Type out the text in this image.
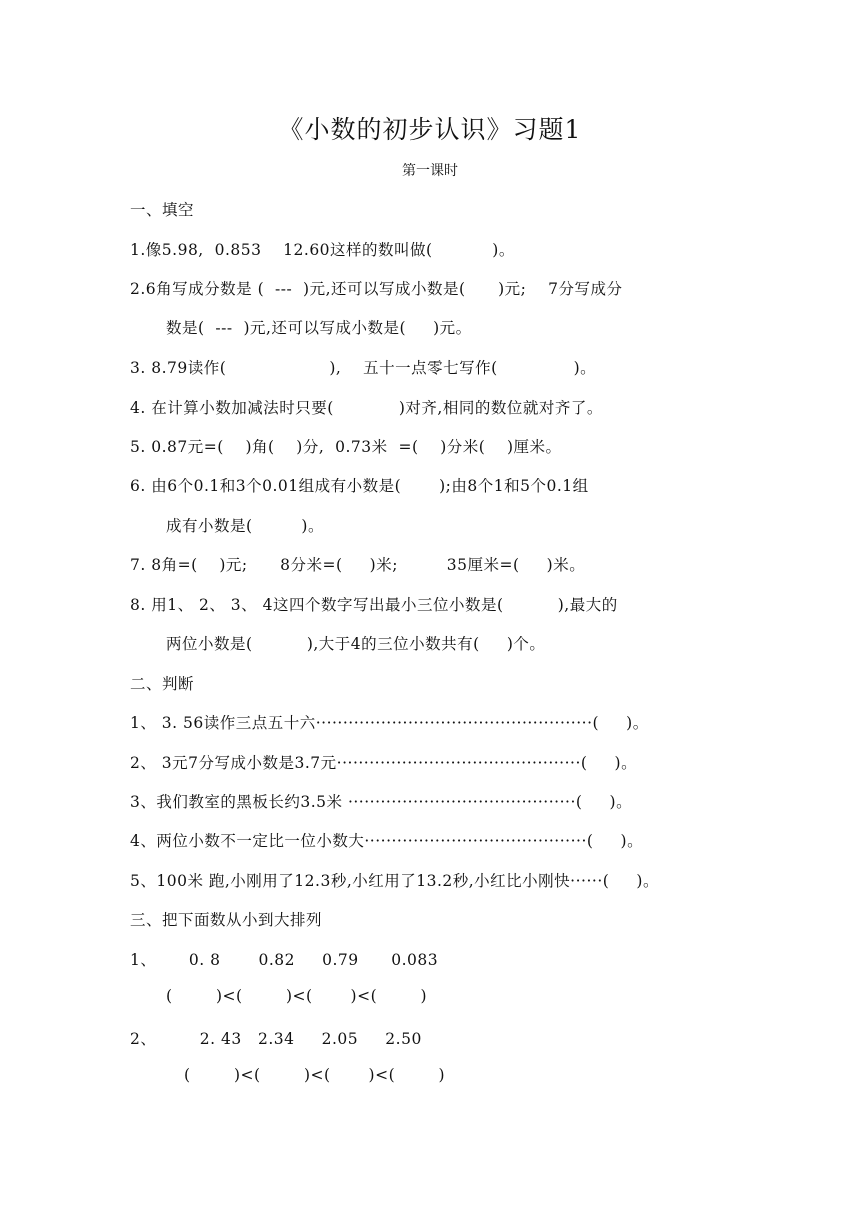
《小数的初步认识》习题1
第一课时
一、填空
1.像5.98,  0.853    12.60这样的数叫做(           )。
2.6角写成分数是 (  ---  )元,还可以写成小数是(      )元;    7分写成分
数是(  ---  )元,还可以写成小数是(     )元。
3. 8.79读作(                   ),    五十一点零七写作(              )。
4. 在计算小数加减法时只要(            )对齐,相同的数位就对齐了。
5. 0.87元=(    )角(    )分,  0.73米  =(    )分米(    )厘米。
6. 由6个0.1和3个0.01组成有小数是(       );由8个1和5个0.1组
成有小数是(         )。
7. 8角=(    )元;      8分米=(     )米;         35厘米=(     )米。
8. 用1、 2、 3、 4这四个数字写出最小三位小数是(          ),最大的
两位小数是(          ),大于4的三位小数共有(     )个。
二、判断
1、 3. 56读作三点五十六···················································(     )。
2、 3元7分写成小数是3.7元·············································(     )。
3、我们教室的黑板长约3.5米 ··········································(     )。
4、两位小数不一定比一位小数大·········································(     )。
5、100米 跑,小刚用了12.3秒,小红用了13.2秒,小红比小刚快······(     )。
三、把下面数从小到大排列
1、      0. 8       0.82     0.79      0.083
(        )<(        )<(       )<(        )
2、        2. 43   2.34     2.05     2.50
(        )<(        )<(       )<(        )
